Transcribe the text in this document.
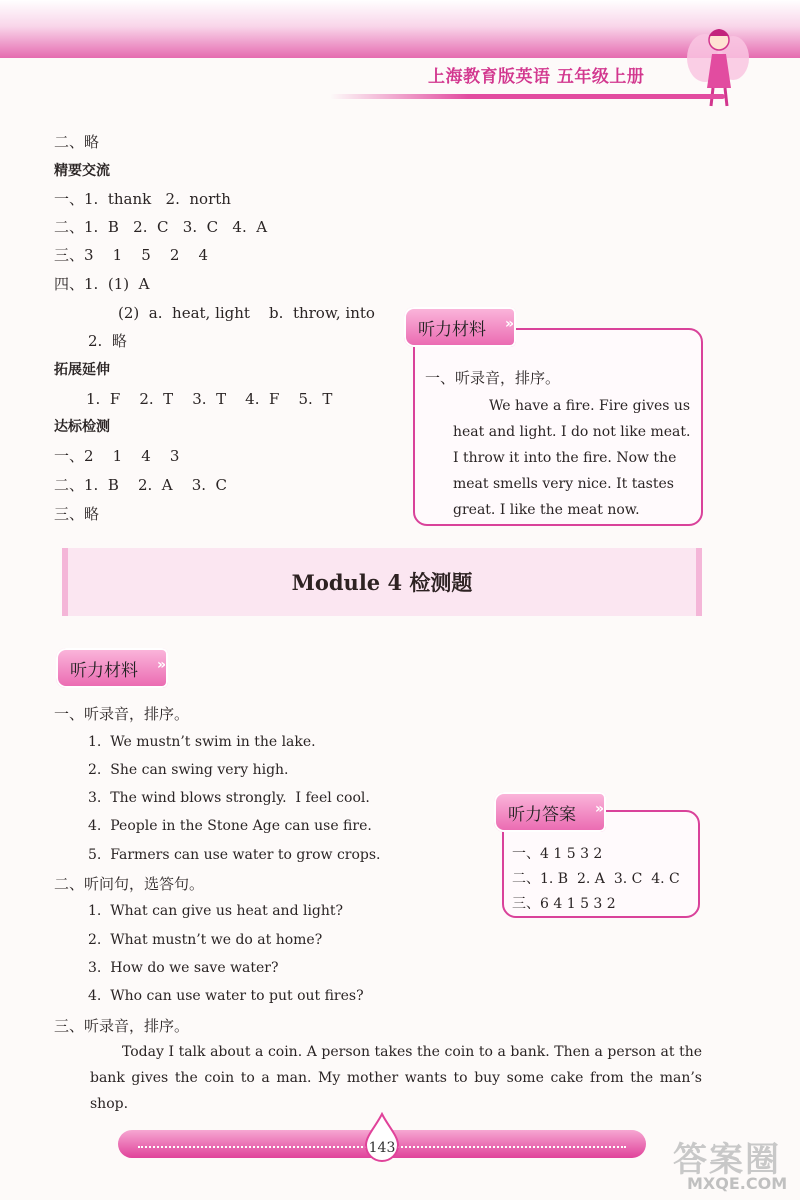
上海教育版英语 五年级上册
二、略
精要交流
一、1.  thank   2.  north
二、1.  B   2.  C   3.  C   4.  A
三、3    1    5    2    4
四、1.  (1)  A
(2)  a.  heat, light    b.  throw, into
2.  略
拓展延伸
1.  F    2.  T    3.  T    4.  F    5.  T
达标检测
一、2    1    4    3
二、1.  B    2.  A    3.  C
三、略
一、听录音，排序。
We have a fire. Fire gives us
heat and light. I do not like meat.
I throw it into the fire. Now the
meat smells very nice. It tastes
great. I like the meat now.
听力材料 »
Module 4 检测题
听力材料 »
一、听录音，排序。
1.  We mustn’t swim in the lake.
2.  She can swing very high.
3.  The wind blows strongly.  I feel cool.
4.  People in the Stone Age can use fire.
5.  Farmers can use water to grow crops.
二、听问句，选答句。
1.  What can give us heat and light?
2.  What mustn’t we do at home?
3.  How do we save water?
4.  Who can use water to put out fires?
三、听录音，排序。
Today I talk about a coin. A person takes the coin to a bank. Then a person at the bank gives the coin to a man. My mother wants to buy some cake from the man’s shop.
一、4 1 5 3 2
二、1. B  2. A  3. C  4. C
三、6 4 1 5 3 2
听力答案 »
143	答案圈
MXQE.COM
